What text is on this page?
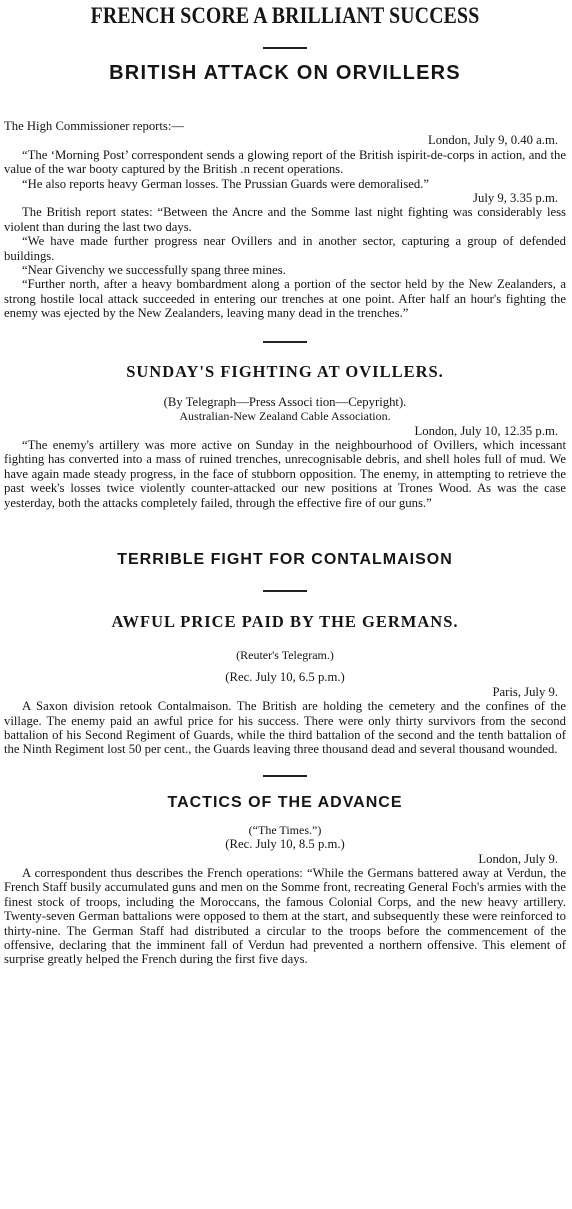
FRENCH SCORE A BRILLIANT SUCCESS
BRITISH ATTACK ON ORVILLERS

The High Commissioner reports:—

London, July 9, 0.40 a.m.

“The ‘Morning Post’ correspondent sends a glowing report of the British ispirit-de-corps in action, and the value of the war booty captured by the British .n recent operations.

“He also reports heavy German losses. The Prussian Guards were demoralised.”

July 9, 3.35 p.m.

The British report states: “Between the Ancre and the Somme last night fighting was considerably less violent than during the last two days.

“We have made further progress near Ovillers and in another sector, capturing a group of defended buildings.

“Near Givenchy we successfully spang three mines.

“Further north, after a heavy bombardment along a portion of the sector held by the New Zealanders, a strong hostile local attack succeeded in entering our trenches at one point. After half an hour's fighting the enemy was ejected by the New Zealanders, leaving many dead in the trenches.”

SUNDAY'S FIGHTING AT OVILLERS.

(By Telegraph—Press Associ tion—Cepyright).

Australian-New Zealand Cable Association.

London, July 10, 12.35 p.m.

“The enemy's artillery was more active on Sunday in the neighbourhood of Ovillers, which incessant fighting has converted into a mass of ruined trenches, unrecognisable debris, and shell holes full of mud. We have again made steady progress, in the face of stubborn opposition. The enemy, in attempting to retrieve the past week's losses twice violently counter-attacked our new positions at Trones Wood. As was the case yesterday, both the attacks completely failed, through the effective fire of our guns.”

TERRIBLE FIGHT FOR CONTALMAISON
AWFUL PRICE PAID BY THE GERMANS.

(Reuter's Telegram.)

(Rec. July 10, 6.5 p.m.)

Paris, July 9.

A Saxon division retook Contalmaison. The British are holding the cemetery and the confines of the village. The enemy paid an awful price for his success. There were only thirty survivors from the second battalion of his Second Regiment of Guards, while the third battalion of the second and the tenth battalion of the Ninth Regiment lost 50 per cent., the Guards leaving three thousand dead and several thousand wounded.

TACTICS OF THE ADVANCE

(“The Times.”)

(Rec. July 10, 8.5 p.m.)

London, July 9.

A correspondent thus describes the French operations: “While the Germans battered away at Verdun, the French Staff busily accumulated guns and men on the Somme front, recreating General Foch's armies with the finest stock of troops, including the Moroccans, the famous Colonial Corps, and the new heavy artillery. Twenty-seven German battalions were opposed to them at the start, and subsequently these were reinforced to thirty-nine. The German Staff had distributed a circular to the troops before the commencement of the offensive, declaring that the imminent fall of Verdun had prevented a northern offensive. This element of surprise greatly helped the French during the first five days.
